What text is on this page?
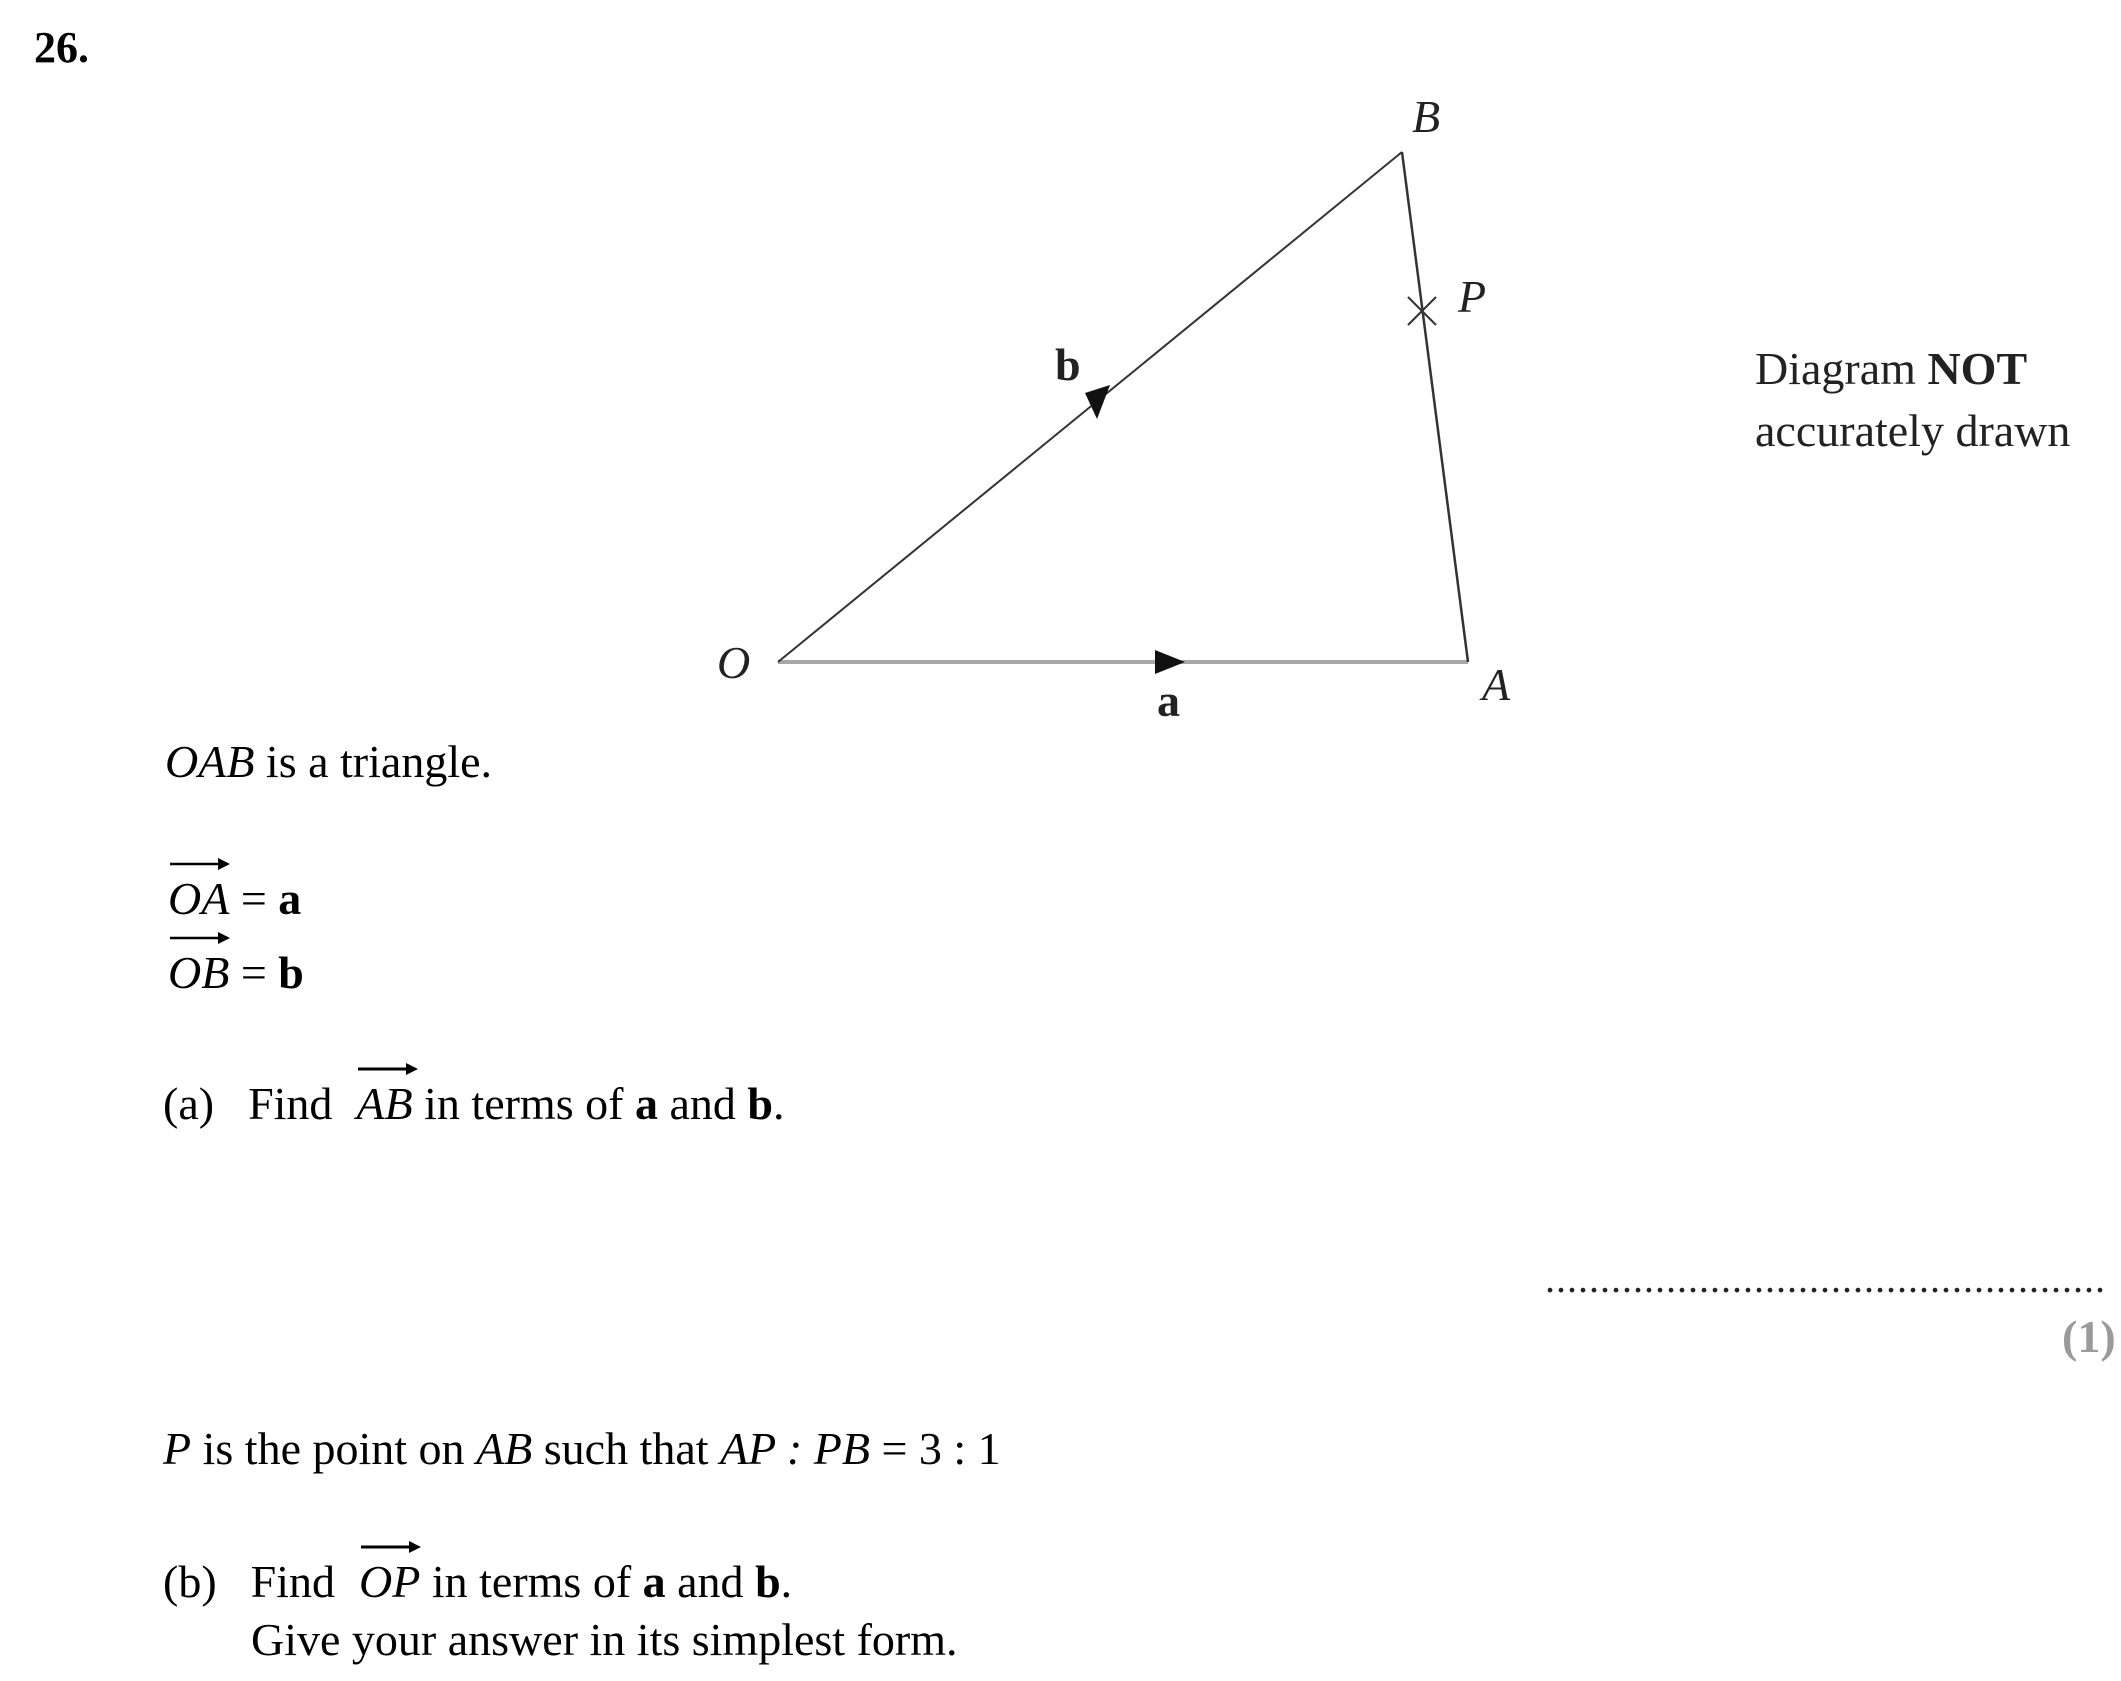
26.
O	A
B
P
a
b	Diagram NOT
accurately drawn
OAB is a triangle.
OA = a
OB = b
(a) Find AB in terms of a and b.
...................................................
(1)
P is the point on AB such that AP : PB = 3 : 1
(b) Find OP in terms of a and b.
Give your answer in its simplest form.
